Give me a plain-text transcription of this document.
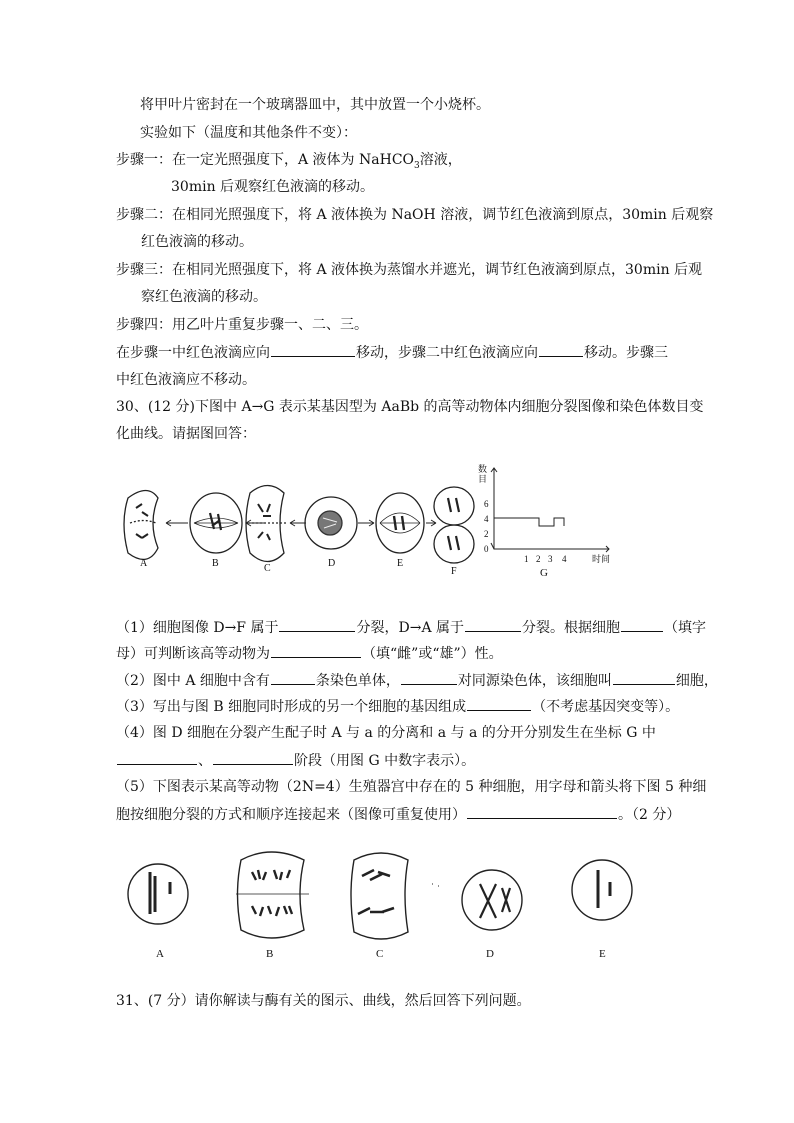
将甲叶片密封在一个玻璃器皿中，其中放置一个小烧杯。
实验如下（温度和其他条件不变）：
步骤一：在一定光照强度下，A 液体为 NaHCO$_3$溶液，
30min 后观察红色液滴的移动。
步骤二：在相同光照强度下，将 A 液体换为 NaOH 溶液，调节红色液滴到原点，30min 后观察
红色液滴的移动。
步骤三：在相同光照强度下，将 A 液体换为蒸馏水并遮光，调节红色液滴到原点，30min 后观
察红色液滴的移动。
步骤四：用乙叶片重复步骤一、二、三。
在步骤一中红色液滴应向	移动，步骤二中红色液滴应向	移动。步骤三
中红色液滴应不移动。
30、(12 分)下图中 A→G 表示某基因型为 AaBb 的高等动物体内细胞分裂图像和染色体数目变
化曲线。请据图回答：
A	B	C	D	E
F
数目
6
4
2
0
1 2 3 4	时间
G
（1）细胞图像 D→F 属于	分裂，D→A 属于	分裂。根据细胞	（填字
母）可判断该高等动物为	（填“雌”或“雄”）性。
（2）图中 A 细胞中含有	条染色单体，	对同源染色体，该细胞叫	细胞，
（3）写出与图 B 细胞同时形成的另一个细胞的基因组成	（不考虑基因突变等）。
（4）图 D 细胞在分裂产生配子时 A 与 a 的分离和 a 与 a 的分开分别发生在坐标 G 中
、	阶段（用图 G 中数字表示）。
（5）下图表示某高等动物（2N=4）生殖器宫中存在的 5 种细胞，用字母和箭头将下图 5 种细
胞按细胞分裂的方式和顺序连接起来（图像可重复使用）	。（2 分）
A	B	C	D	E
31、(7 分）请你解读与酶有关的图示、曲线，然后回答下列问题。
